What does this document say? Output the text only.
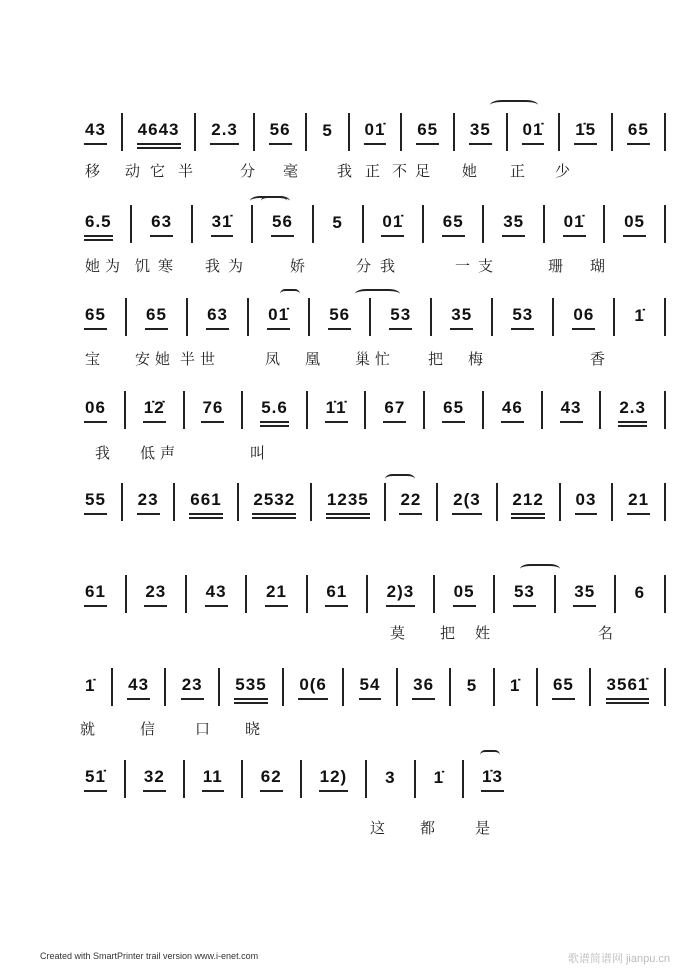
43 4643 2.3 56 5 01̇ 65 35 01̇ 1̇5 65
移 动 它 半	分 毫	我 正 不 足 她 正 少
6.5 63 31̇ 56 5 01̇ 65 35 01̇ 05
她 为 饥 寒 我 为	娇	分 我	一 支	珊 瑚
65 65 63 01̇ 56 53 35 53 06 1̇
宝 安 她 半 世	凤 凰 巢 忙	把 梅	香
06 1̇2̇ 76 5.6 1̇1̇ 67 65 46 43 2.3
我 低 声	叫
55 23 661 2532 1235 22 2(3 212 03 21
61 23 43 21 61 2)3 05 53 35 6
莫 把 姓	名
1̇ 43 23 535 0(6 54 36 5 1̇ 65 3561̇
就	信	口 晓
51̇ 32 11 62 12) 3 1̇ 1̇3
这 都	是
Created with SmartPrinter trail version www.i-enet.com	歌谱简谱网 jianpu.cn
